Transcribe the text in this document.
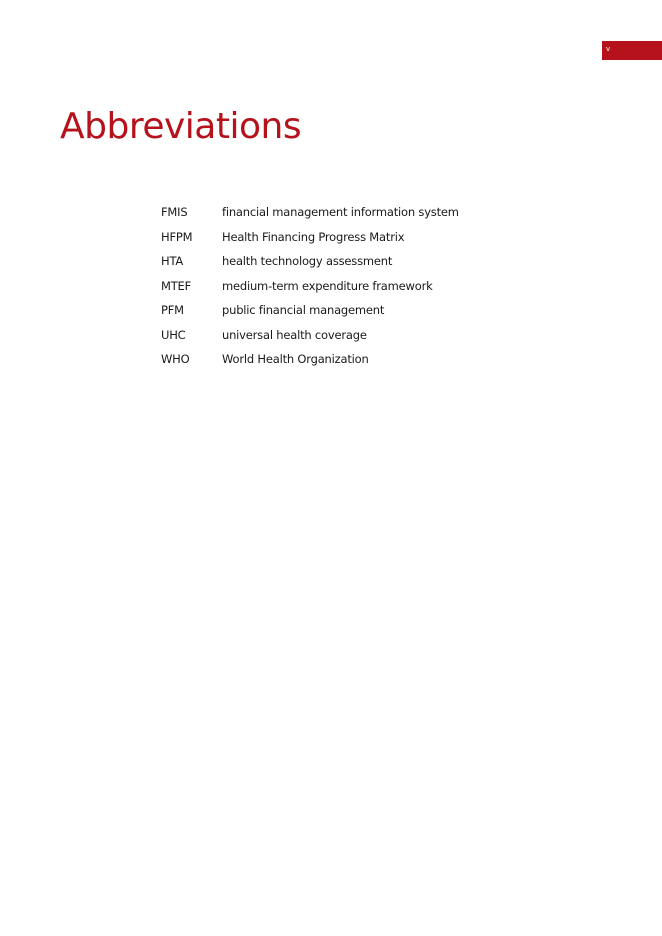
v
Abbreviations
FMIS	financial management information system
HFPM	Health Financing Progress Matrix
HTA	health technology assessment
MTEF	medium-term expenditure framework
PFM	public financial management
UHC	universal health coverage
WHO	World Health Organization
